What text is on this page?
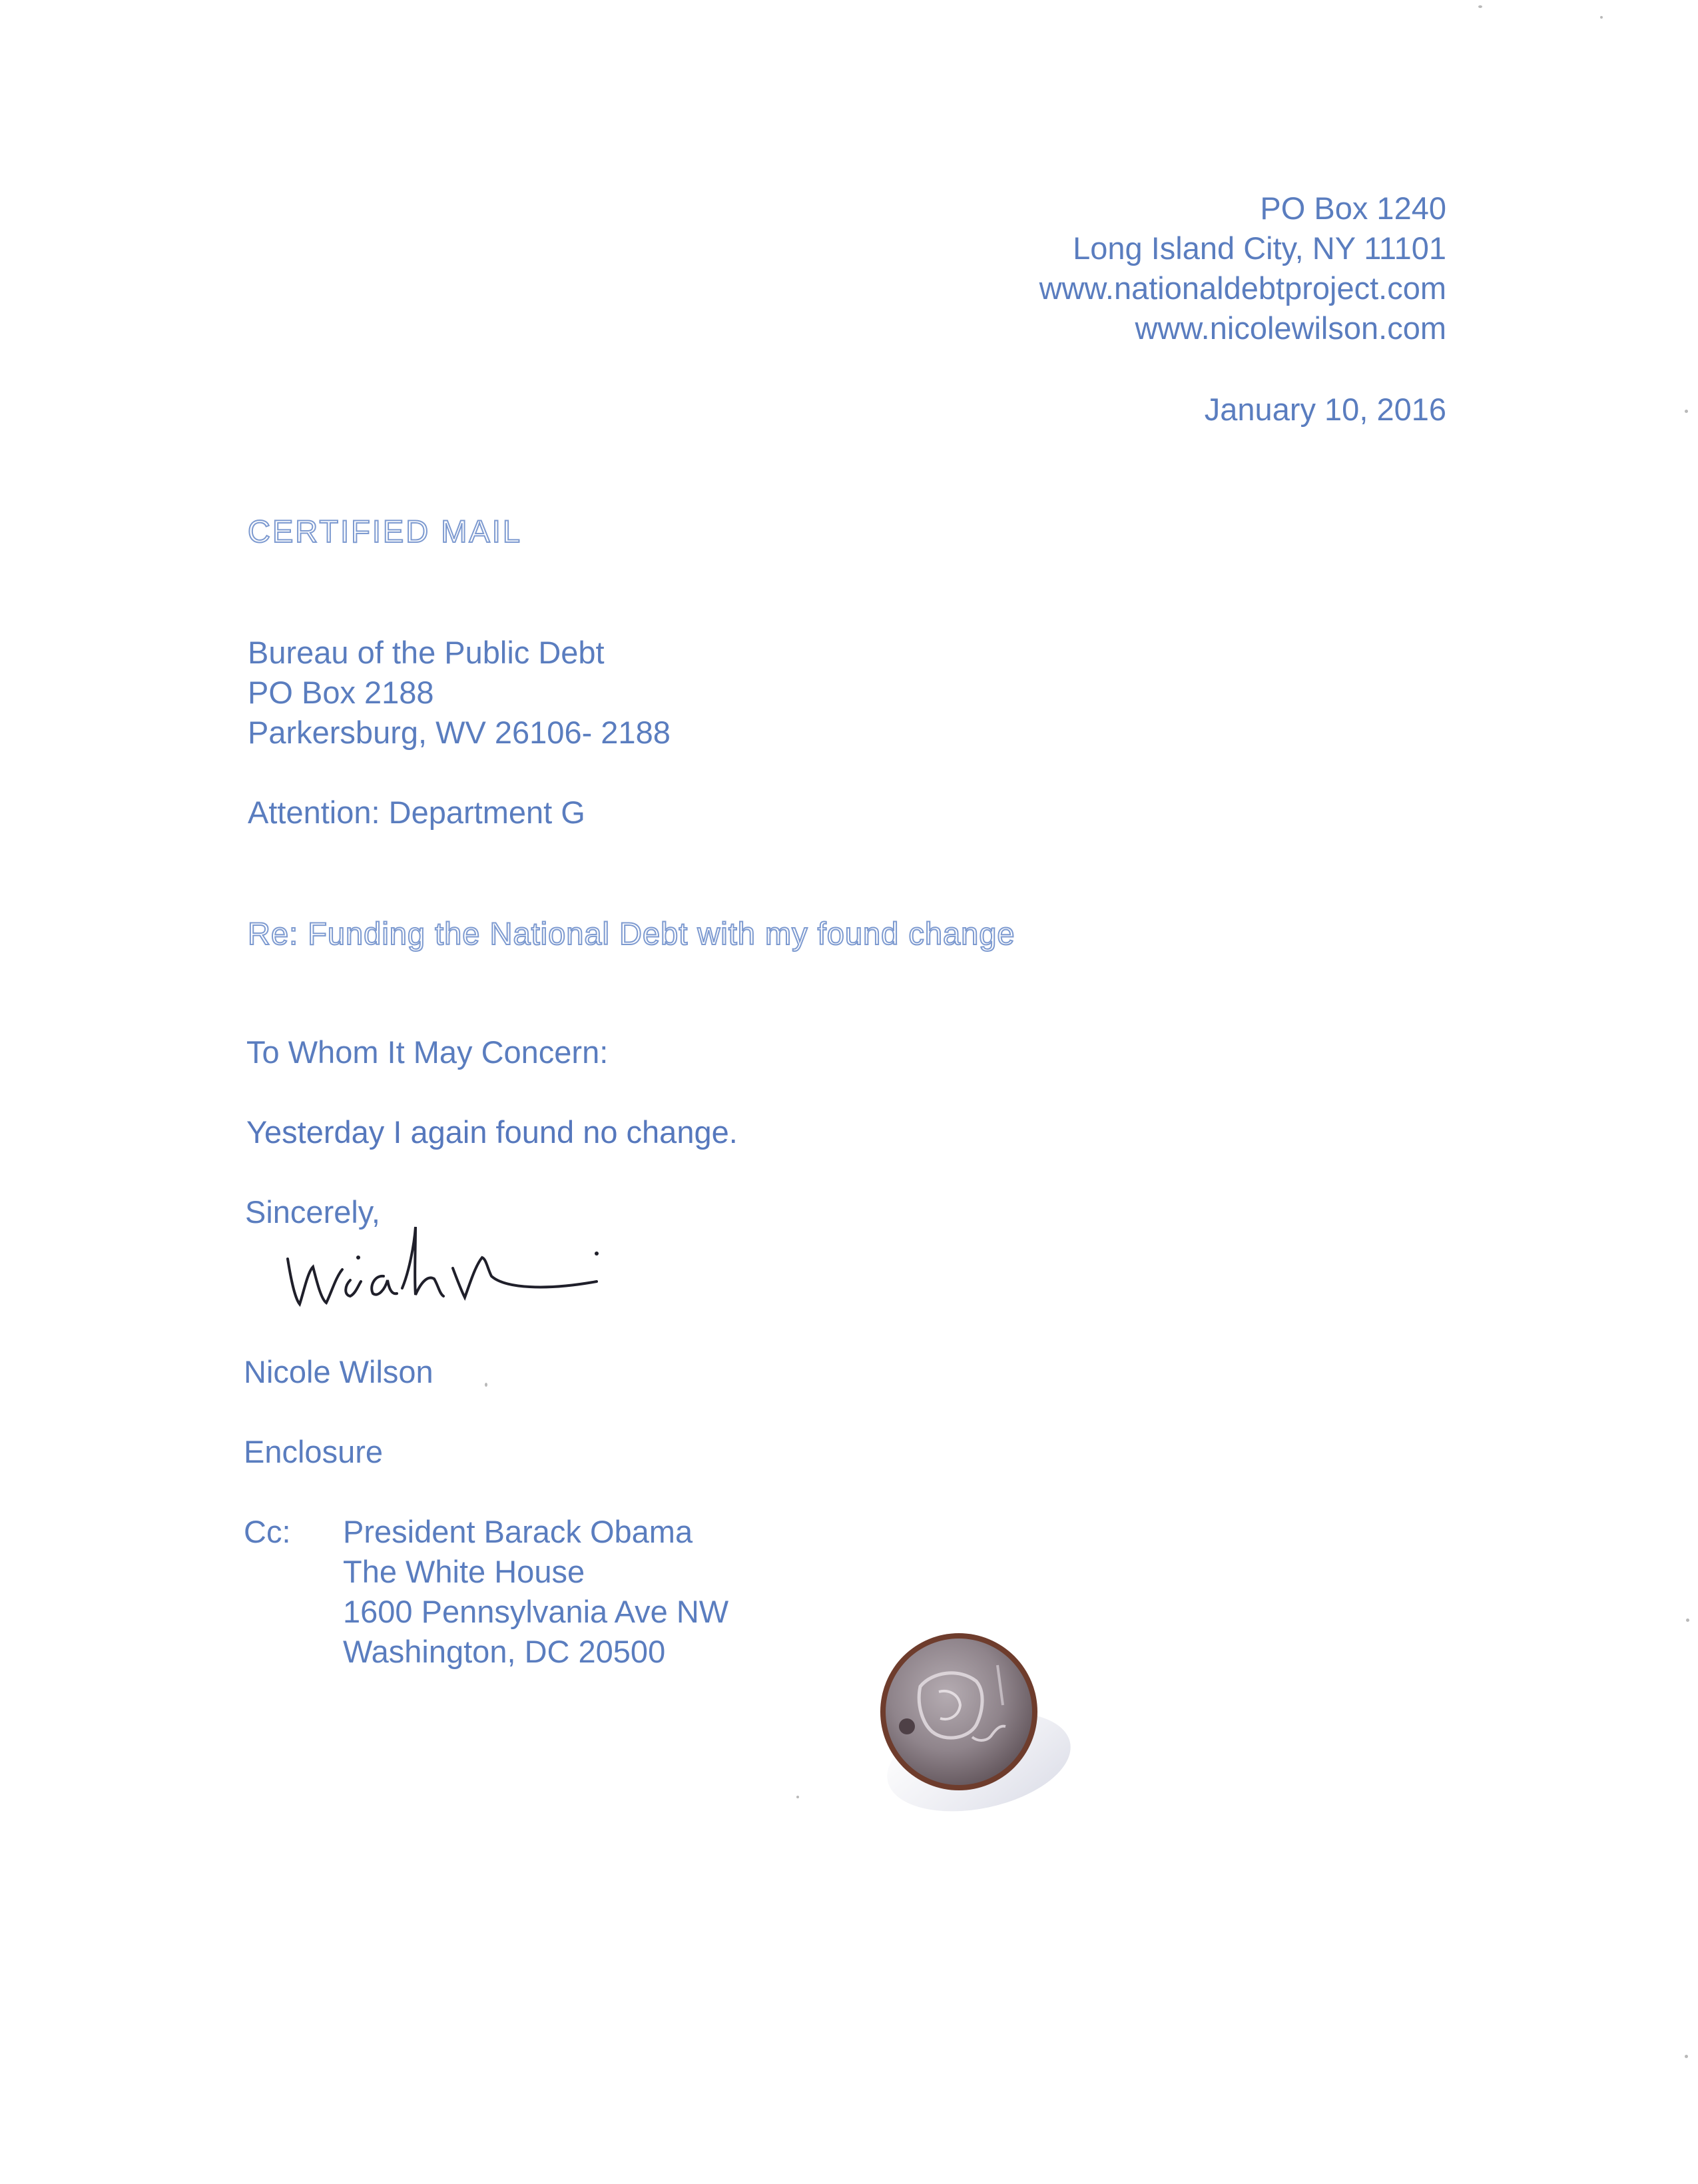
PO Box 1240
Long Island City, NY 11101
www.nationaldebtproject.com
www.nicolewilson.com
January 10, 2016
CERTIFIED MAIL
Bureau of the Public Debt
PO Box 2188
Parkersburg, WV 26106- 2188
Attention: Department G
Re: Funding the National Debt with my found change
To Whom It May Concern:
Yesterday I again found no change.
Sincerely,
Nicole Wilson
Enclosure
Cc: President Barack Obama
The White House
1600 Pennsylvania Ave NW
Washington, DC 20500
